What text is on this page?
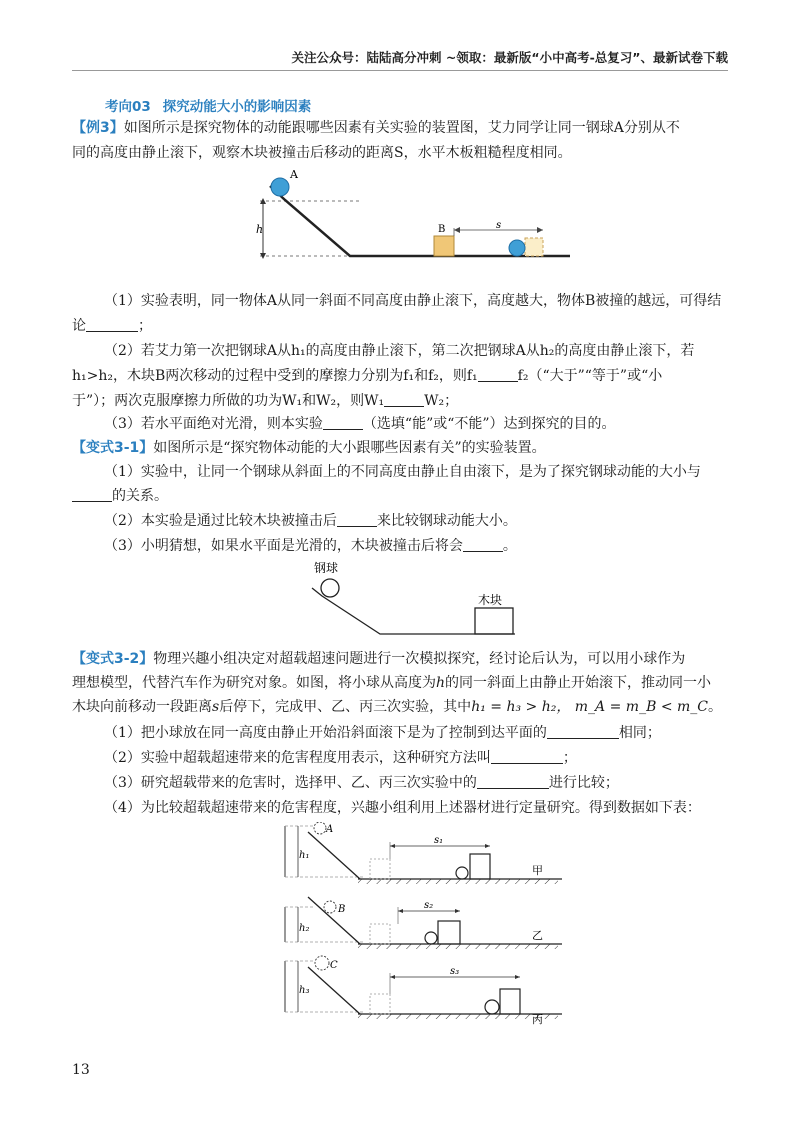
关注公众号：陆陆高分冲刺 ~领取：最新版“小中高考-总复习”、最新试卷下载
考向03 探究动能大小的影响因素

【例3】如图所示是探究物体的动能跟哪些因素有关实验的装置图，艾力同学让同一钢球A分别从不

同的高度由静止滚下，观察木块被撞击后移动的距离S，水平木板粗糙程度相同。

h
A
B	s

（1）实验表明，同一物体A从同一斜面不同高度由静止滚下，高度越大，物体B被撞的越远，可得结

论	；

（2）若艾力第一次把钢球A从h₁的高度由静止滚下，第二次把钢球A从h₂的高度由静止滚下，若

h₁>h₂，木块B两次移动的过程中受到的摩擦力分别为f₁和f₂，则f₁	f₂（“大于”“等于”或“小

于”）；两次克服摩擦力所做的功为W₁和W₂，则W₁	W₂；

（3）若水平面绝对光滑，则本实验	（选填“能”或“不能”）达到探究的目的。

【变式3-1】如图所示是“探究物体动能的大小跟哪些因素有关”的实验装置。

（1）实验中，让同一个钢球从斜面上的不同高度由静止自由滚下，是为了探究钢球动能的大小与

的关系。

（2）本实验是通过比较木块被撞击后	来比较钢球动能大小。

（3）小明猜想，如果水平面是光滑的，木块被撞击后将会	。

钢球
木块

【变式3-2】物理兴趣小组决定对超载超速问题进行一次模拟探究，经讨论后认为，可以用小球作为

理想模型，代替汽车作为研究对象。如图，将小球从高度为h的同一斜面上由静止开始滚下，推动同一小

木块向前移动一段距离s后停下，完成甲、乙、丙三次实验，其中h₁ = h₃ > h₂， m_A = m_B < m_C。

（1）把小球放在同一高度由静止开始沿斜面滚下是为了控制到达平面的	相同；

（2）实验中超载超速带来的危害程度用表示，这种研究方法叫	；

（3）研究超载带来的危害时，选择甲、乙、丙三次实验中的	进行比较；

（4）为比较超载超速带来的危害程度，兴趣小组利用上述器材进行定量研究。得到数据如下表：

h₁
A
s₁
甲
h₂
B	s₂
乙
h₃
C
s₃
丙
13
